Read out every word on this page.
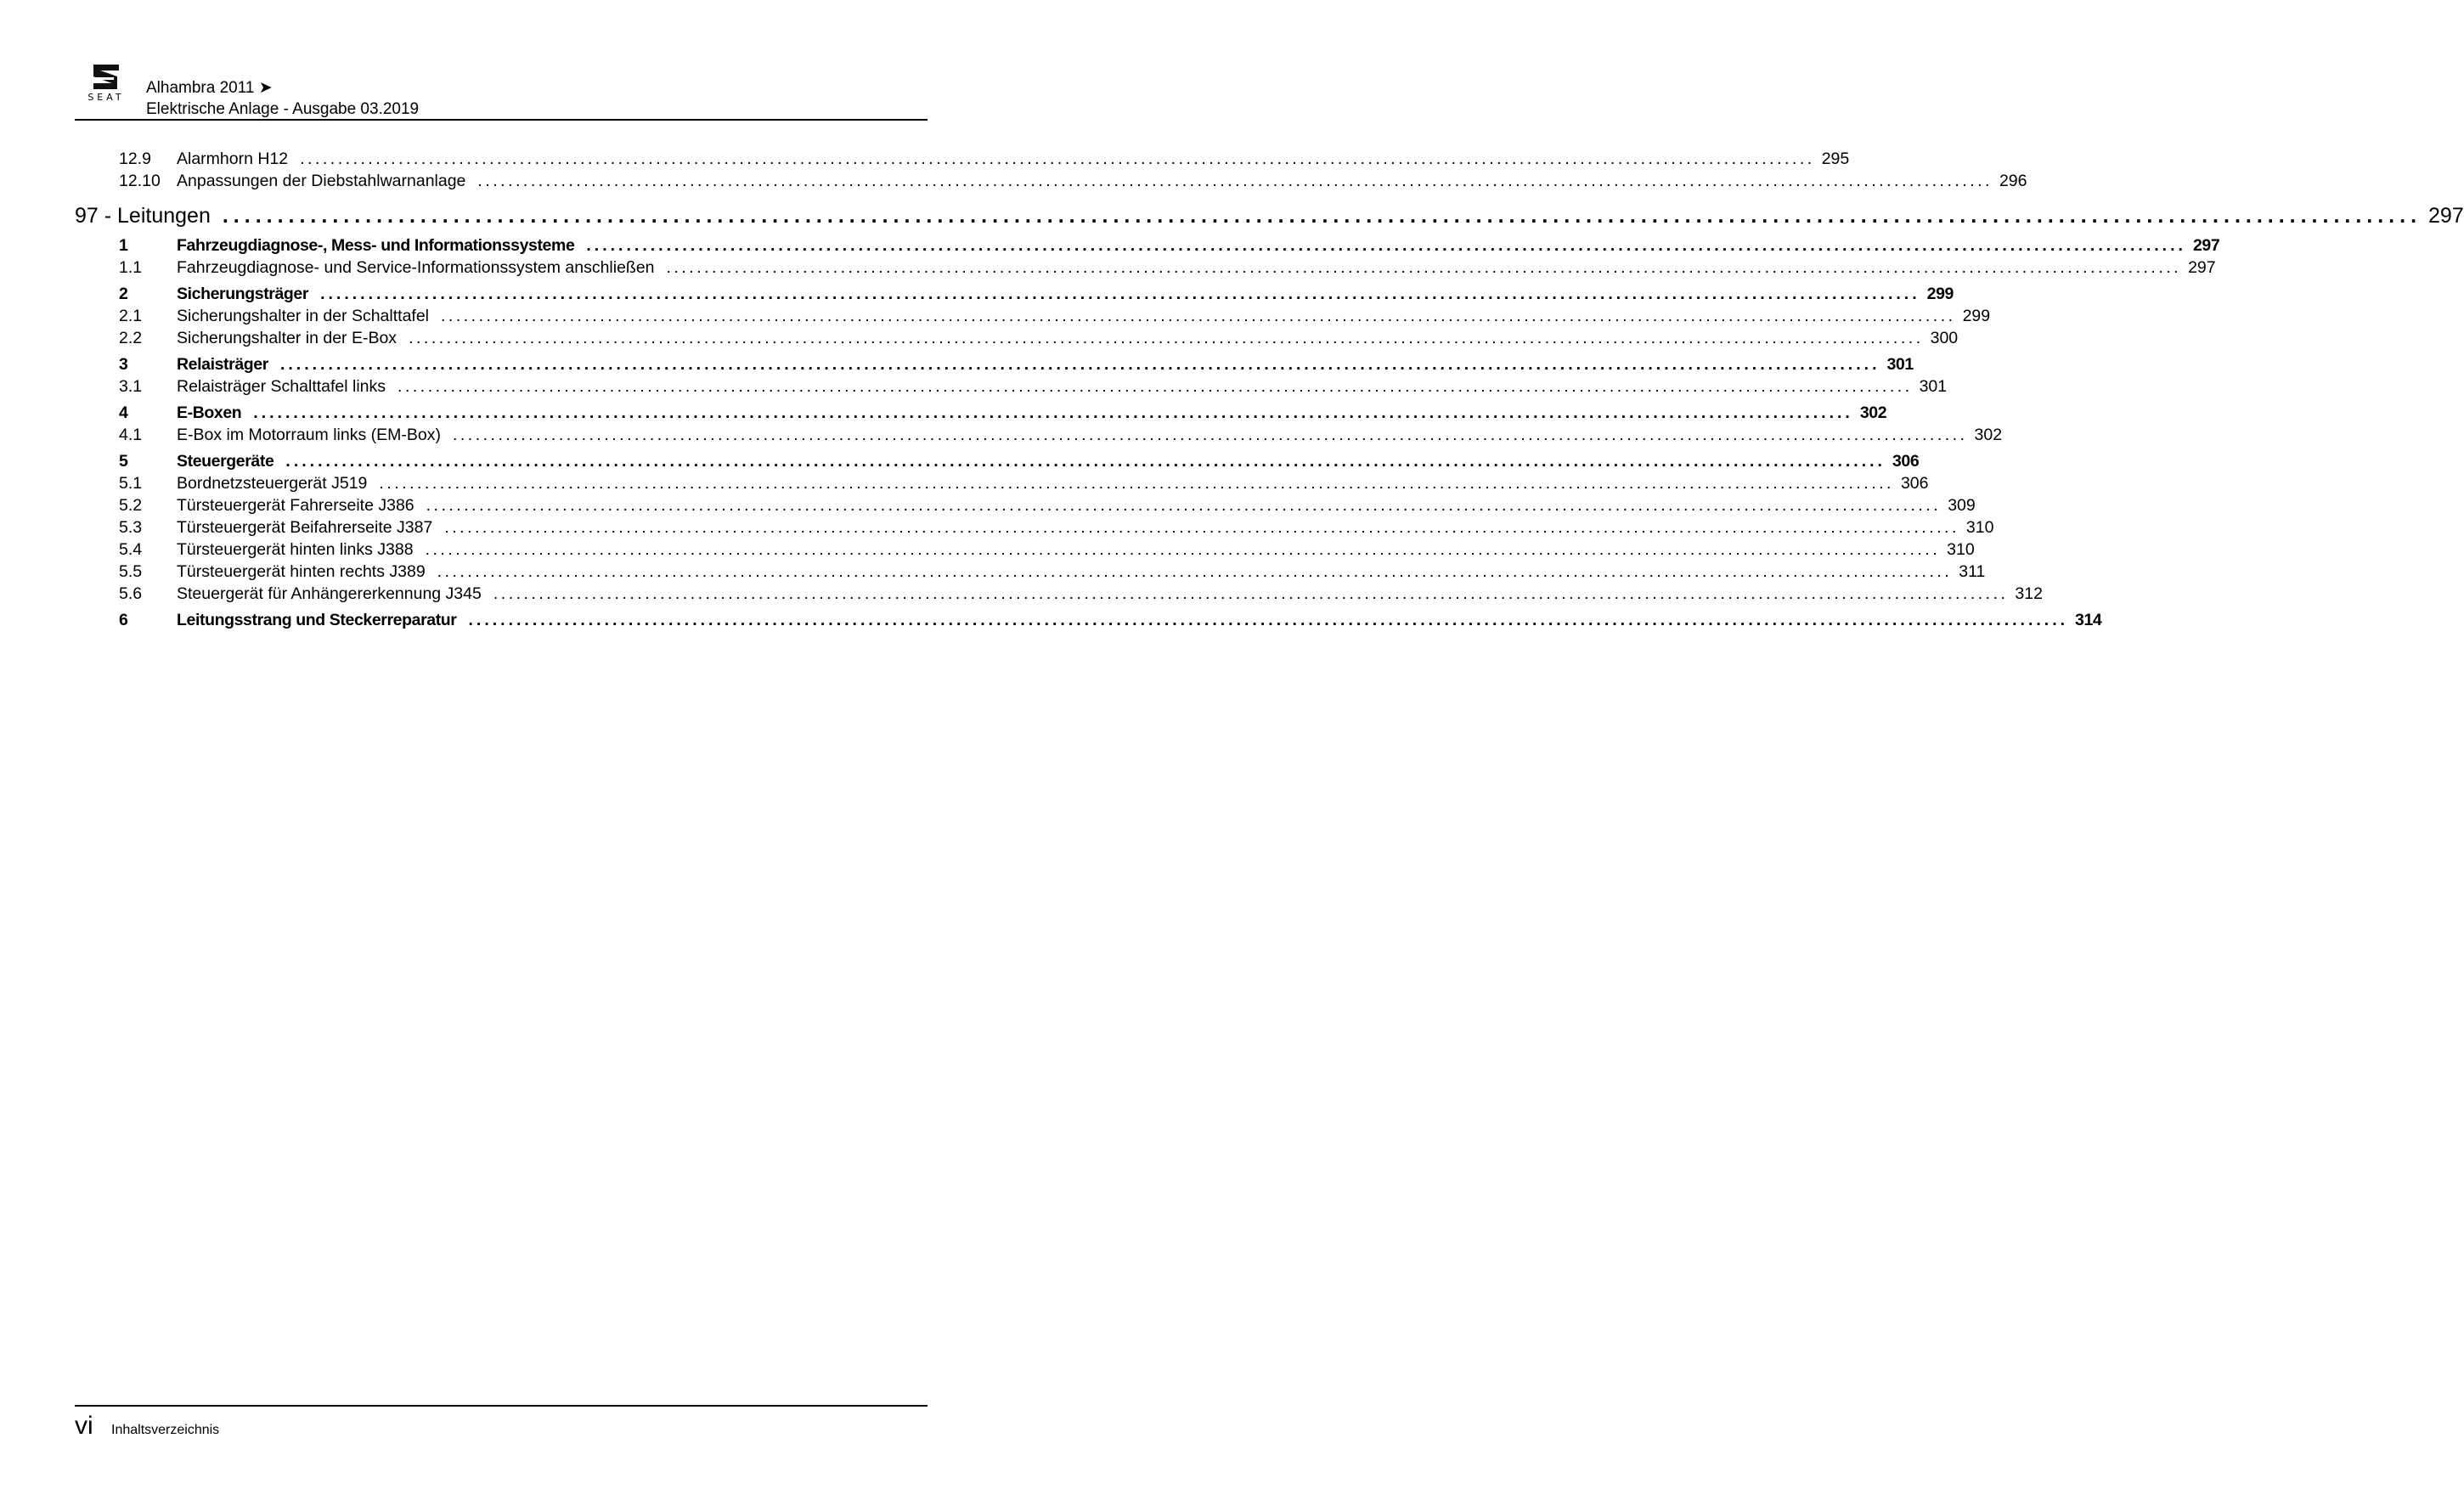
SEAT
Alhambra 2011 ➤
Elektrische Anlage - Ausgabe 03.2019
12.9 Alarmhorn H12 ........................................................................................................................................................................................................ 295
12.10 Anpassungen der Diebstahlwarnanlage ........................................................................................................................................................................................................ 296
97 - Leitungen ........................................................................................................................................................................................................ 297
1	Fahrzeugdiagnose-, Mess- und Informationssysteme ........................................................................................................................................................................................................ 297
1.1 Fahrzeugdiagnose- und Service-Informationssystem anschließen ........................................................................................................................................................................................................ 297
2	Sicherungsträger ........................................................................................................................................................................................................ 299
2.1 Sicherungshalter in der Schalttafel ........................................................................................................................................................................................................ 299
2.2 Sicherungshalter in der E-Box ........................................................................................................................................................................................................ 300
3	Relaisträger ........................................................................................................................................................................................................ 301
3.1 Relaisträger Schalttafel links ........................................................................................................................................................................................................ 301
4	E-Boxen ........................................................................................................................................................................................................ 302
4.1 E-Box im Motorraum links (EM-Box) ........................................................................................................................................................................................................ 302
5	Steuergeräte ........................................................................................................................................................................................................ 306
5.1 Bordnetzsteuergerät J519 ........................................................................................................................................................................................................ 306
5.2 Türsteuergerät Fahrerseite J386 ........................................................................................................................................................................................................ 309
5.3 Türsteuergerät Beifahrerseite J387 ........................................................................................................................................................................................................ 310
5.4 Türsteuergerät hinten links J388 ........................................................................................................................................................................................................ 310
5.5 Türsteuergerät hinten rechts J389 ........................................................................................................................................................................................................ 311
5.6 Steuergerät für Anhängererkennung J345 ........................................................................................................................................................................................................ 312
6	Leitungsstrang und Steckerreparatur ........................................................................................................................................................................................................ 314
vi Inhaltsverzeichnis
